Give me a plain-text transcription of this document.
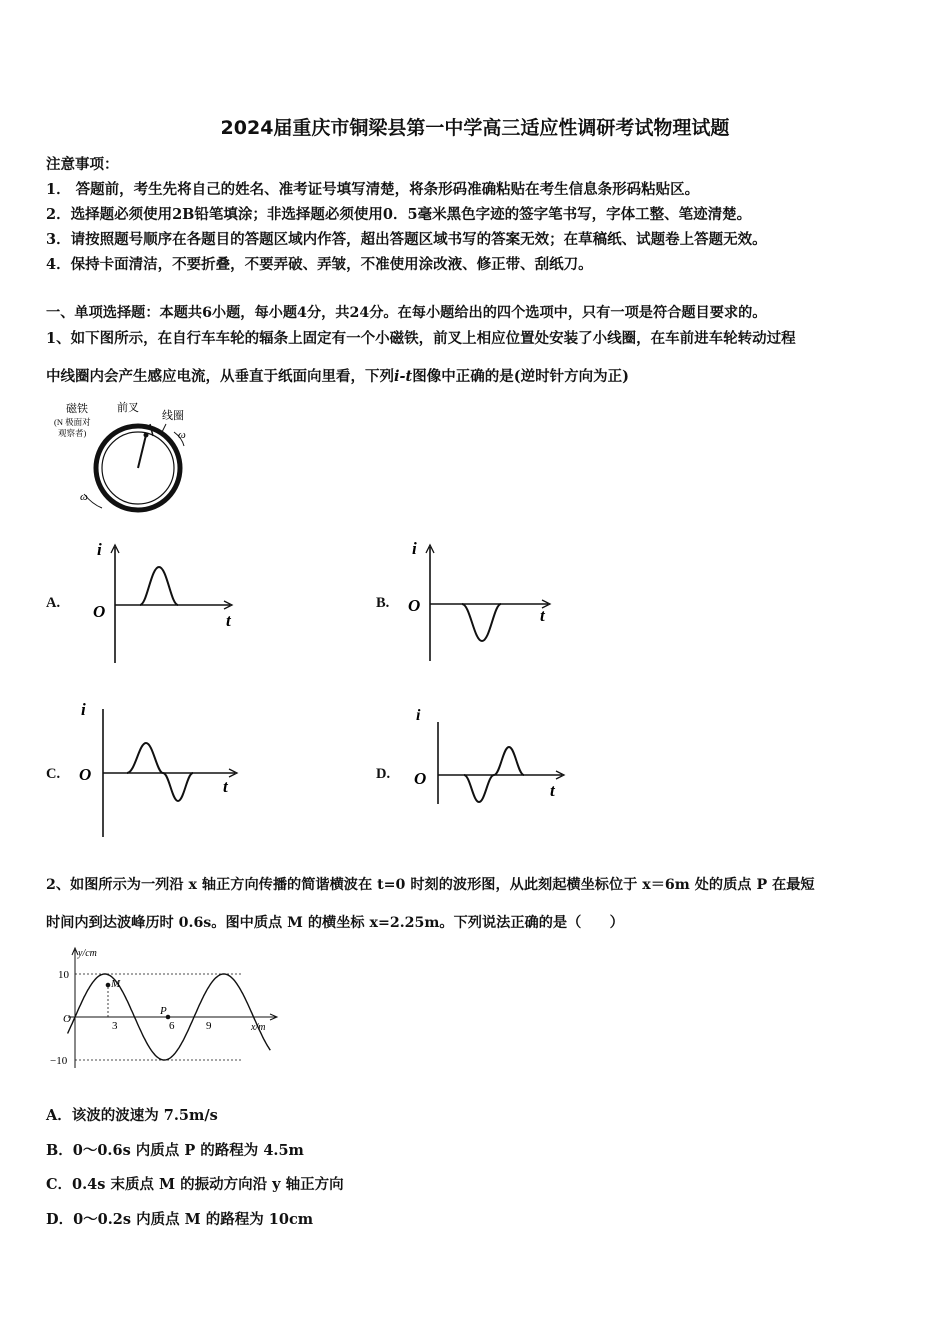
2024届重庆市铜梁县第一中学高三适应性调研考试物理试题
注意事项：
1． 答题前，考生先将自己的姓名、准考证号填写清楚，将条形码准确粘贴在考生信息条形码粘贴区。
2．选择题必须使用2B铅笔填涂；非选择题必须使用0．5毫米黑色字迹的签字笔书写，字体工整、笔迹清楚。
3．请按照题号顺序在各题目的答题区域内作答，超出答题区域书写的答案无效；在草稿纸、试题卷上答题无效。
4．保持卡面清洁，不要折叠，不要弄破、弄皱，不准使用涂改液、修正带、刮纸刀。
一、单项选择题：本题共6小题，每小题4分，共24分。在每小题给出的四个选项中，只有一项是符合题目要求的。
1、如下图所示，在自行车车轮的辐条上固定有一个小磁铁，前叉上相应位置处安装了小线圈，在车前进车轮转动过程
中线圈内会产生感应电流，从垂直于纸面向里看，下列i-t图像中正确的是(逆时针方向为正)
磁铁
(N 极面对
观察者)
前叉
线圈
ω
ω
A.
i
O	t
B.
i
O
t
C.
i
O
t
D.
i
O
t
2、如图所示为一列沿 x 轴正方向传播的简谐横波在 t=0 时刻的波形图，从此刻起横坐标位于 x＝6m 处的质点 P 在最短
时间内到达波峰历时 0.6s。图中质点 M 的横坐标 x=2.25m。下列说法正确的是（　　）
y/cm
x/m
10
−10
O
3	6	9
M
P
A．该波的波速为 7.5m/s
B．0～0.6s 内质点 P 的路程为 4.5m
C．0.4s 末质点 M 的振动方向沿 y 轴正方向
D．0～0.2s 内质点 M 的路程为 10cm
